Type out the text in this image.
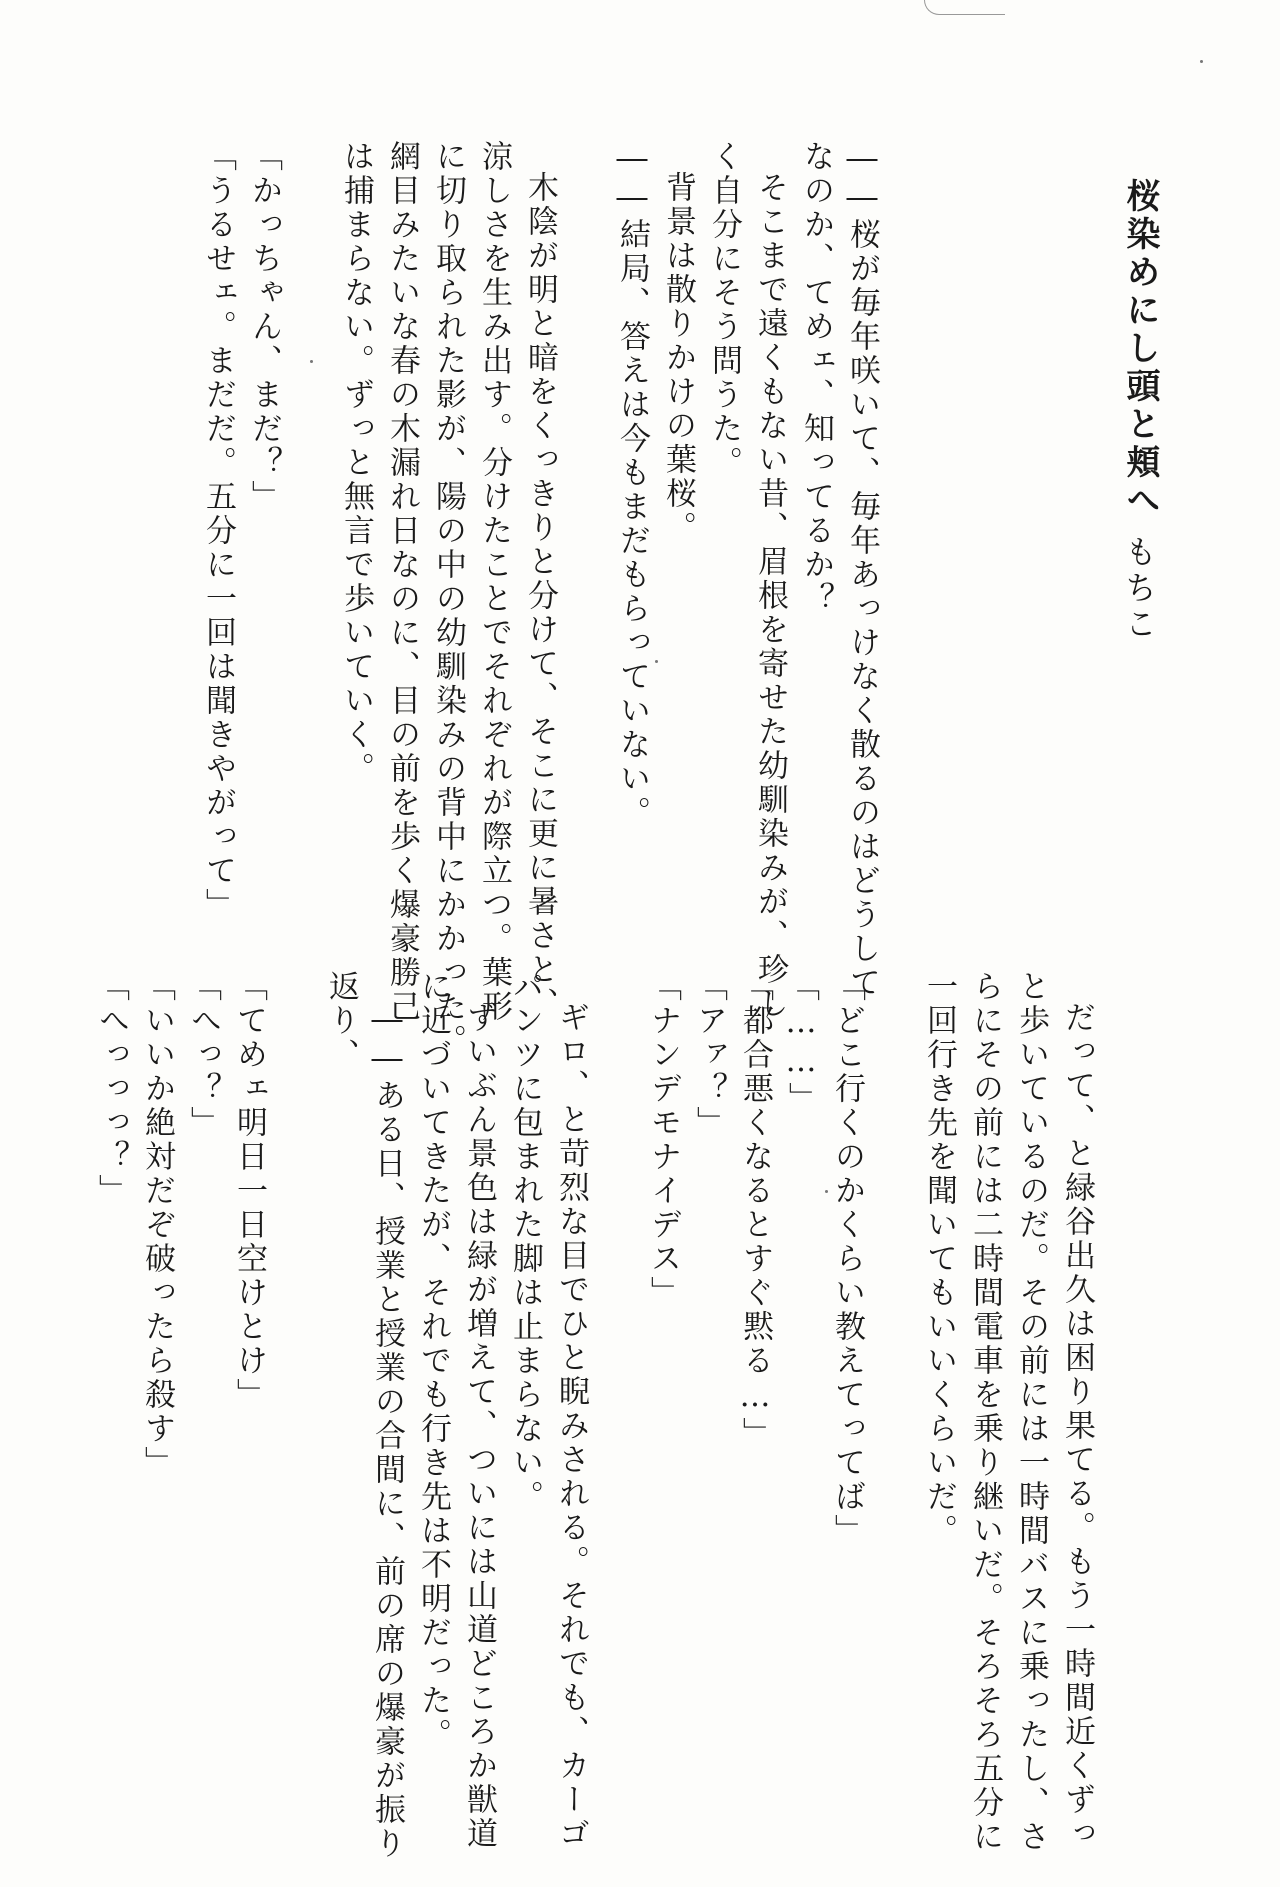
桜染めにし頭と頬へ
もちこ
――桜が毎年咲いて、毎年あっけなく散るのはどうして
なのか、てめェ、知ってるか？
そこまで遠くもない昔、眉根を寄せた幼馴染みが、珍し
く自分にそう問うた。
背景は散りかけの葉桜。
――結局、答えは今もまだもらっていない。
木陰が明と暗をくっきりと分けて、そこに更に暑さと、
涼しさを生み出す。分けたことでそれぞれが際立つ。葉形
に切り取られた影が、陽の中の幼馴染みの背中にかかった。
網目みたいな春の木漏れ日なのに、目の前を歩く爆豪勝己
は捕まらない。ずっと無言で歩いていく。
「かっちゃん、まだ？」
「うるせェ。まだだ。五分に一回は聞きやがって」
だって、と緑谷出久は困り果てる。もう一時間近くずっ
と歩いているのだ。その前には一時間バスに乗ったし、さ
らにその前には二時間電車を乗り継いだ。そろそろ五分に
一回行き先を聞いてもいいくらいだ。
「どこ行くのかくらい教えてってば」
「……」
「都合悪くなるとすぐ黙る…」
「アァ？」
「ナンデモナイデス」
ギロ、と苛烈な目でひと睨みされる。それでも、カーゴ
パンツに包まれた脚は止まらない。
ずいぶん景色は緑が増えて、ついには山道どころか獣道
に近づいてきたが、それでも行き先は不明だった。
――ある日、授業と授業の合間に、前の席の爆豪が振り
返り、
「てめェ明日一日空けとけ」
「へっ？」
「いいか絶対だぞ破ったら殺す」
「へっっっ？」
